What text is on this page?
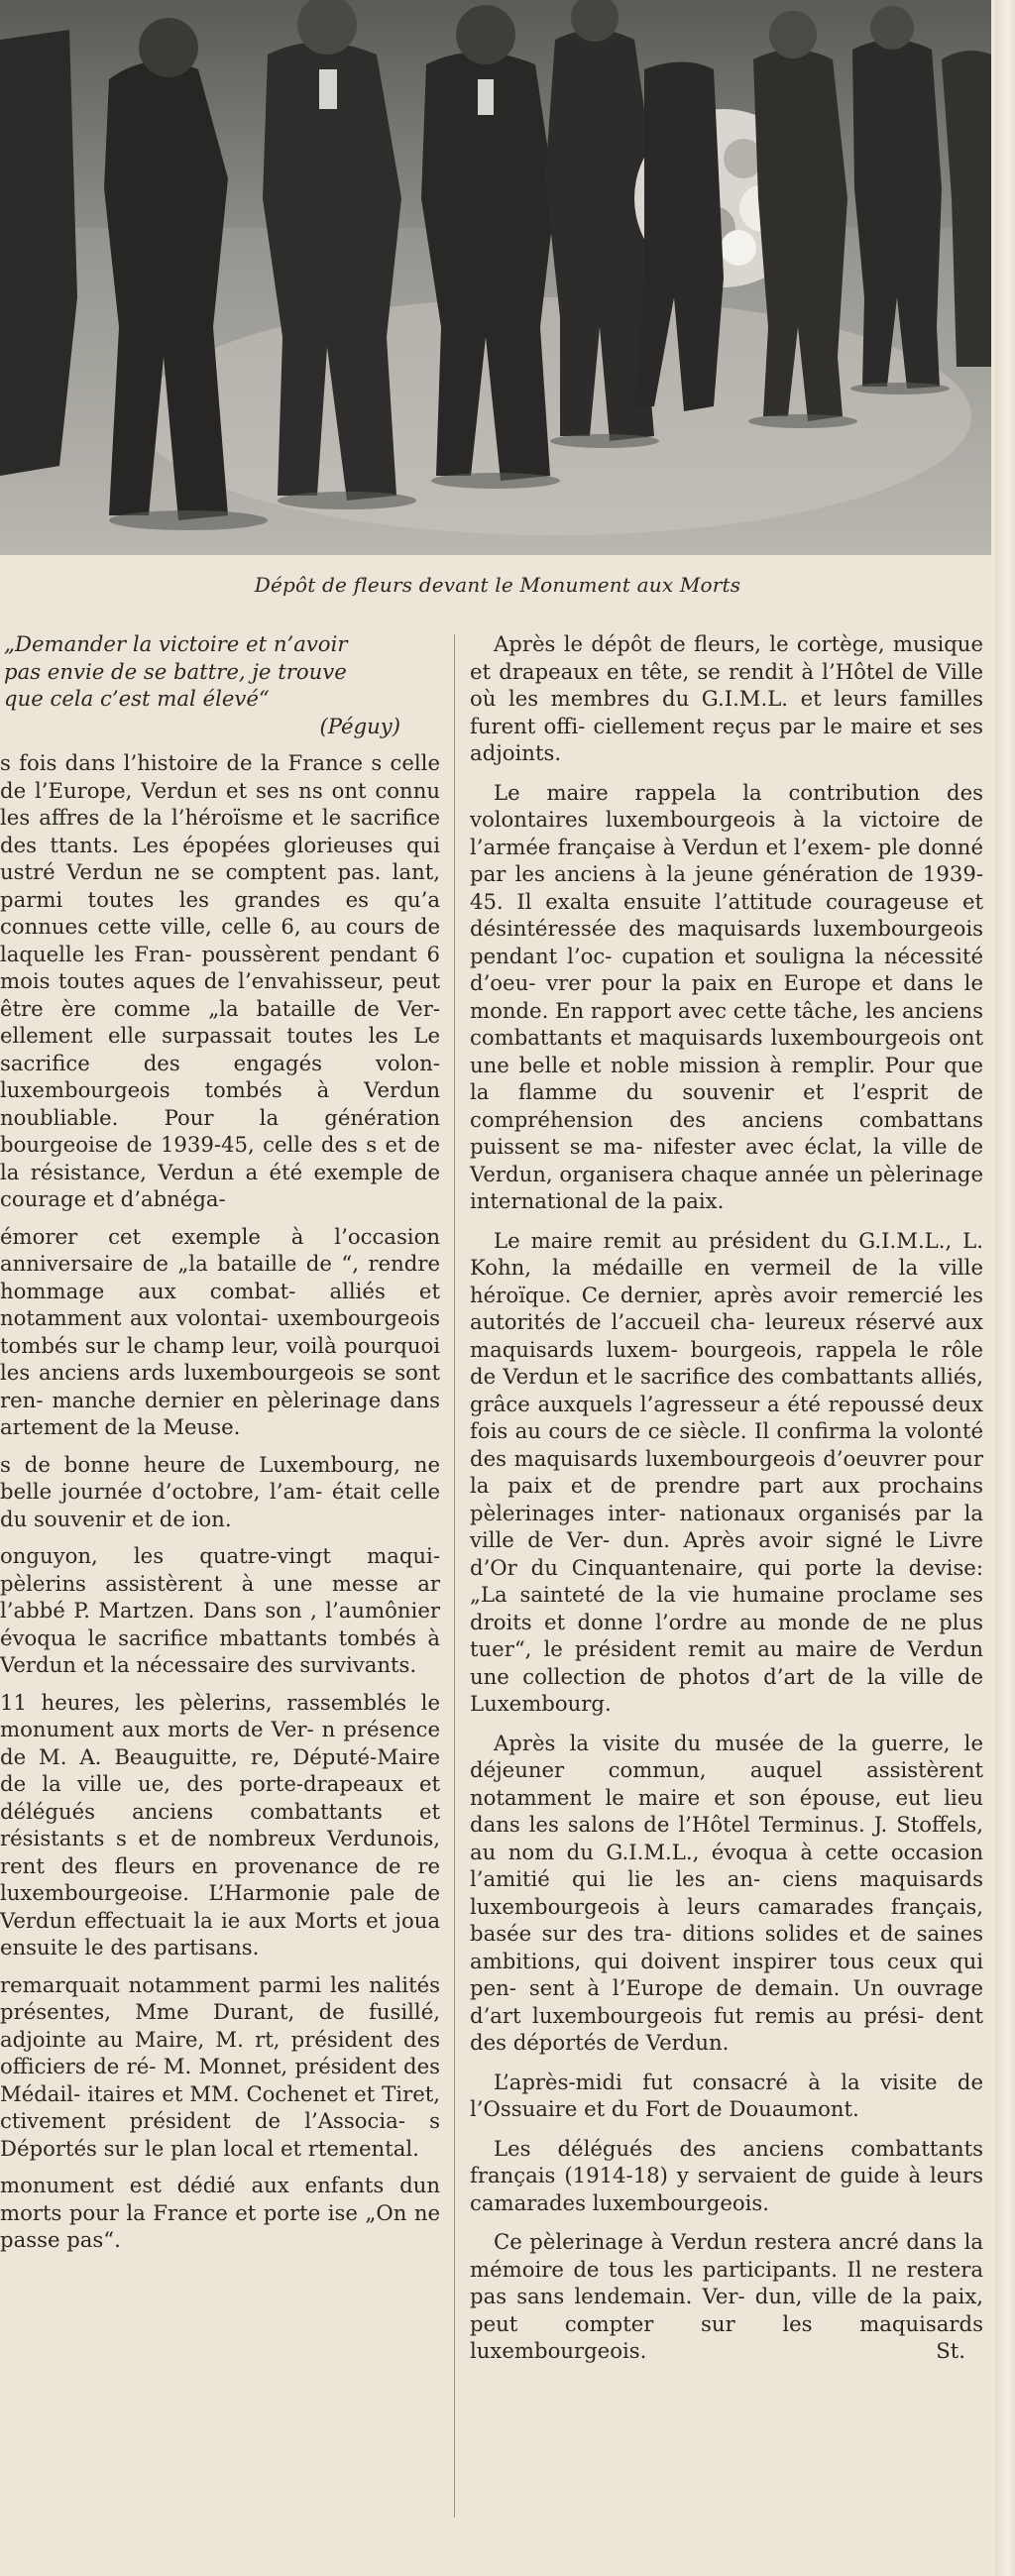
Dépôt de fleurs devant le Monument aux Morts
„Demander la victoire et n’avoir
pas envie de se battre, je trouve
que cela c’est mal élevé“
(Péguy)

s fois dans l’histoire de la France s celle de l’Europe, Verdun et ses ns ont connu les affres de la l’héroïsme et le sacrifice des ttants. Les épopées glorieuses qui ustré Verdun ne se comptent pas. lant, parmi toutes les grandes es qu’a connues cette ville, celle 6, au cours de laquelle les Fran- poussèrent pendant 6 mois toutes aques de l’envahisseur, peut être ère comme „la bataille de Ver- ellement elle surpassait toutes les Le sacrifice des engagés volon- luxembourgeois tombés à Verdun noubliable. Pour la génération bourgeoise de 1939-45, celle des s et de la résistance, Verdun a été exemple de courage et d’abnéga-

émorer cet exemple à l’occasion anniversaire de „la bataille de “, rendre hommage aux combat- alliés et notamment aux volontai- uxembourgeois tombés sur le champ leur, voilà pourquoi les anciens ards luxembourgeois se sont ren- manche dernier en pèlerinage dans artement de la Meuse.

s de bonne heure de Luxembourg, ne belle journée d’octobre, l’am- était celle du souvenir et de ion.

onguyon, les quatre-vingt maqui- pèlerins assistèrent à une messe ar l’abbé P. Martzen. Dans son , l’aumônier évoqua le sacrifice mbattants tombés à Verdun et la nécessaire des survivants.

11 heures, les pèlerins, rassemblés le monument aux morts de Ver- n présence de M. A. Beauguitte, re, Député-Maire de la ville ue, des porte-drapeaux et délégués anciens combattants et résistants s et de nombreux Verdunois, rent des fleurs en provenance de re luxembourgeoise. L’Harmonie pale de Verdun effectuait la ie aux Morts et joua ensuite le des partisans.

remarquait notamment parmi les nalités présentes, Mme Durant, de fusillé, adjointe au Maire, M. rt, président des officiers de ré- M. Monnet, président des Médail- itaires et MM. Cochenet et Tiret, ctivement président de l’Associa- s Déportés sur le plan local et rtemental.

monument est dédié aux enfants dun morts pour la France et porte ise „On ne passe pas“.

Après le dépôt de fleurs, le cortège, musique et drapeaux en tête, se rendit à l’Hôtel de Ville où les membres du G.I.M.L. et leurs familles furent offi- ciellement reçus par le maire et ses adjoints.

Le maire rappela la contribution des volontaires luxembourgeois à la victoire de l’armée française à Verdun et l’exem- ple donné par les anciens à la jeune génération de 1939-45. Il exalta ensuite l’attitude courageuse et désintéressée des maquisards luxembourgeois pendant l’oc- cupation et souligna la nécessité d’oeu- vrer pour la paix en Europe et dans le monde. En rapport avec cette tâche, les anciens combattants et maquisards luxembourgeois ont une belle et noble mission à remplir. Pour que la flamme du souvenir et l’esprit de compréhension des anciens combattans puissent se ma- nifester avec éclat, la ville de Verdun, organisera chaque année un pèlerinage international de la paix.

Le maire remit au président du G.I.M.L., L. Kohn, la médaille en vermeil de la ville héroïque. Ce dernier, après avoir remercié les autorités de l’accueil cha- leureux réservé aux maquisards luxem- bourgeois, rappela le rôle de Verdun et le sacrifice des combattants alliés, grâce auxquels l’agresseur a été repoussé deux fois au cours de ce siècle. Il confirma la volonté des maquisards luxembourgeois d’oeuvrer pour la paix et de prendre part aux prochains pèlerinages inter- nationaux organisés par la ville de Ver- dun. Après avoir signé le Livre d’Or du Cinquantenaire, qui porte la devise: „La sainteté de la vie humaine proclame ses droits et donne l’ordre au monde de ne plus tuer“, le président remit au maire de Verdun une collection de photos d’art de la ville de Luxembourg.

Après la visite du musée de la guerre, le déjeuner commun, auquel assistèrent notamment le maire et son épouse, eut lieu dans les salons de l’Hôtel Terminus. J. Stoffels, au nom du G.I.M.L., évoqua à cette occasion l’amitié qui lie les an- ciens maquisards luxembourgeois à leurs camarades français, basée sur des tra- ditions solides et de saines ambitions, qui doivent inspirer tous ceux qui pen- sent à l’Europe de demain. Un ouvrage d’art luxembourgeois fut remis au prési- dent des déportés de Verdun.

L’après-midi fut consacré à la visite de l’Ossuaire et du Fort de Douaumont.

Les délégués des anciens combattants français (1914-18) y servaient de guide à leurs camarades luxembourgeois.

Ce pèlerinage à Verdun restera ancré dans la mémoire de tous les participants. Il ne restera pas sans lendemain. Ver- dun, ville de la paix, peut compter sur les maquisards luxembourgeois.	St.
